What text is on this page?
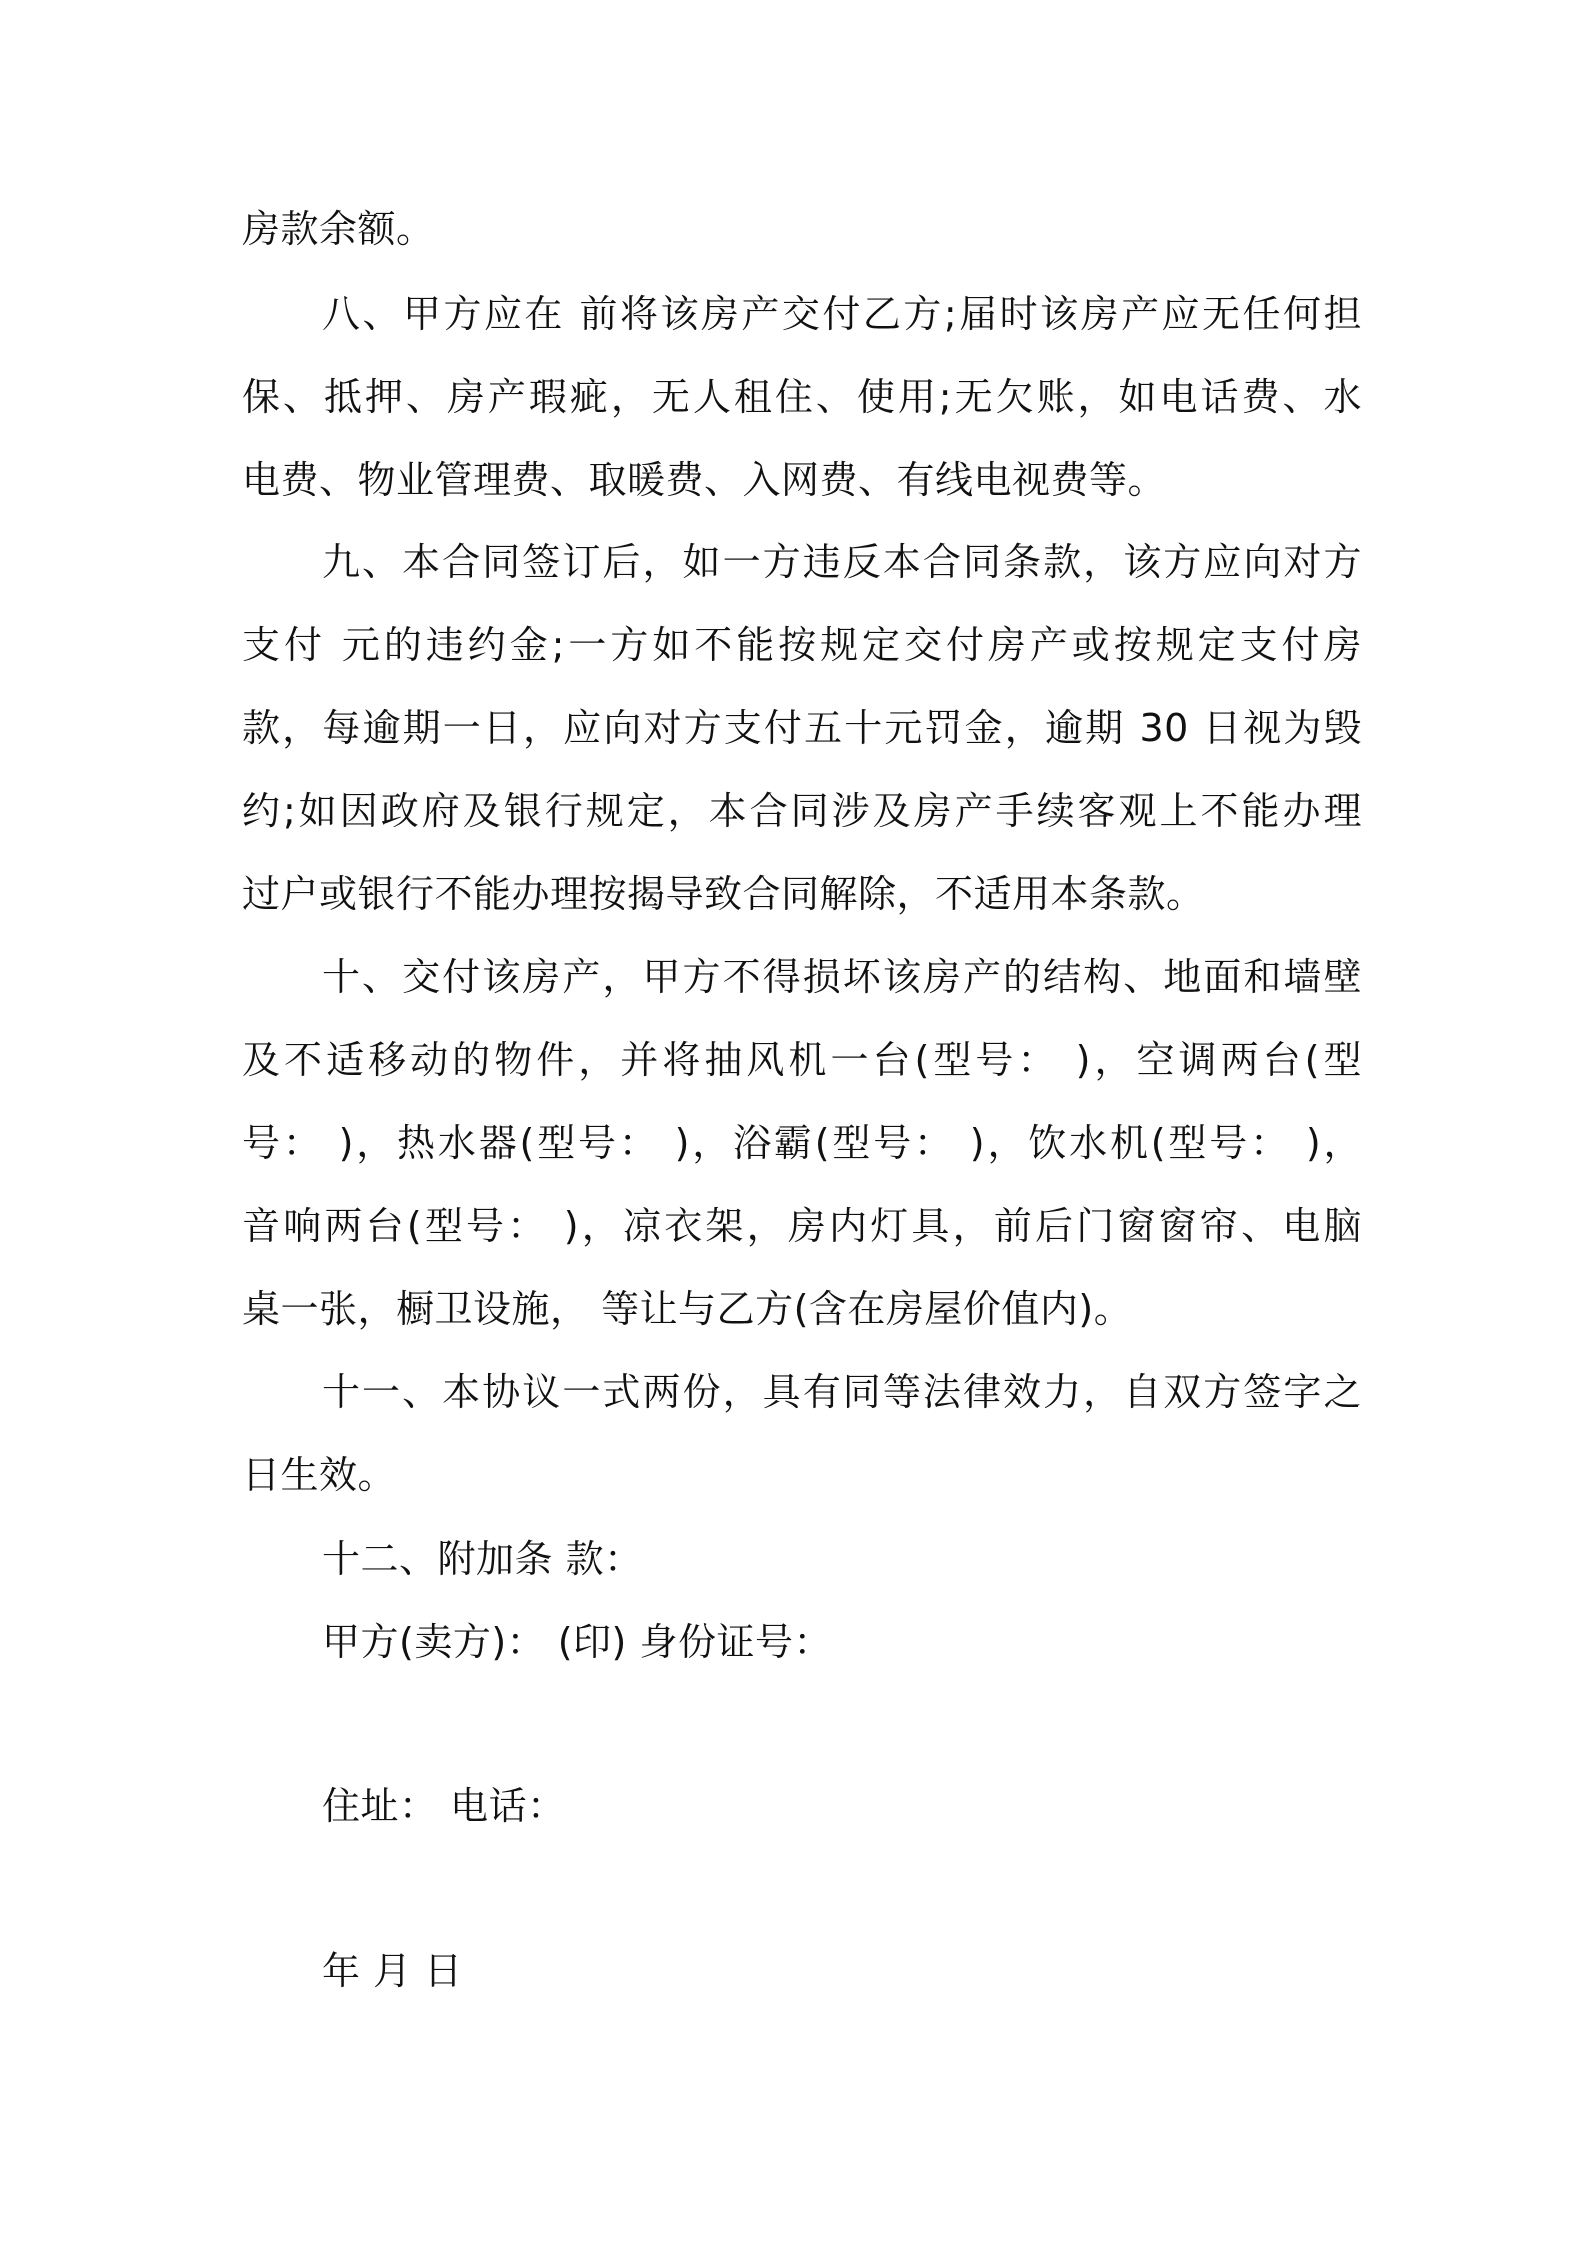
房款余额。
八、甲方应在 前将该房产交付乙方;届时该房产应无任何担
保、抵押、房产瑕疵，无人租住、使用;无欠账，如电话费、水
电费、物业管理费、取暖费、入网费、有线电视费等。
九、本合同签订后，如一方违反本合同条款，该方应向对方
支付 元的违约金;一方如不能按规定交付房产或按规定支付房
款，每逾期一日，应向对方支付五十元罚金，逾期 30 日视为毁
约;如因政府及银行规定，本合同涉及房产手续客观上不能办理
过户或银行不能办理按揭导致合同解除，不适用本条款。
十、交付该房产，甲方不得损坏该房产的结构、地面和墙壁
及不适移动的物件，并将抽风机一台(型号： )，空调两台(型
号： )，热水器(型号： )，浴霸(型号： )，饮水机(型号： )，
音响两台(型号： )，凉衣架，房内灯具，前后门窗窗帘、电脑
桌一张，橱卫设施， 等让与乙方(含在房屋价值内)。
十一、本协议一式两份，具有同等法律效力，自双方签字之
日生效。
十二、附加条 款：
甲方(卖方)： (印) 身份证号：
住址： 电话：
年 月 日
